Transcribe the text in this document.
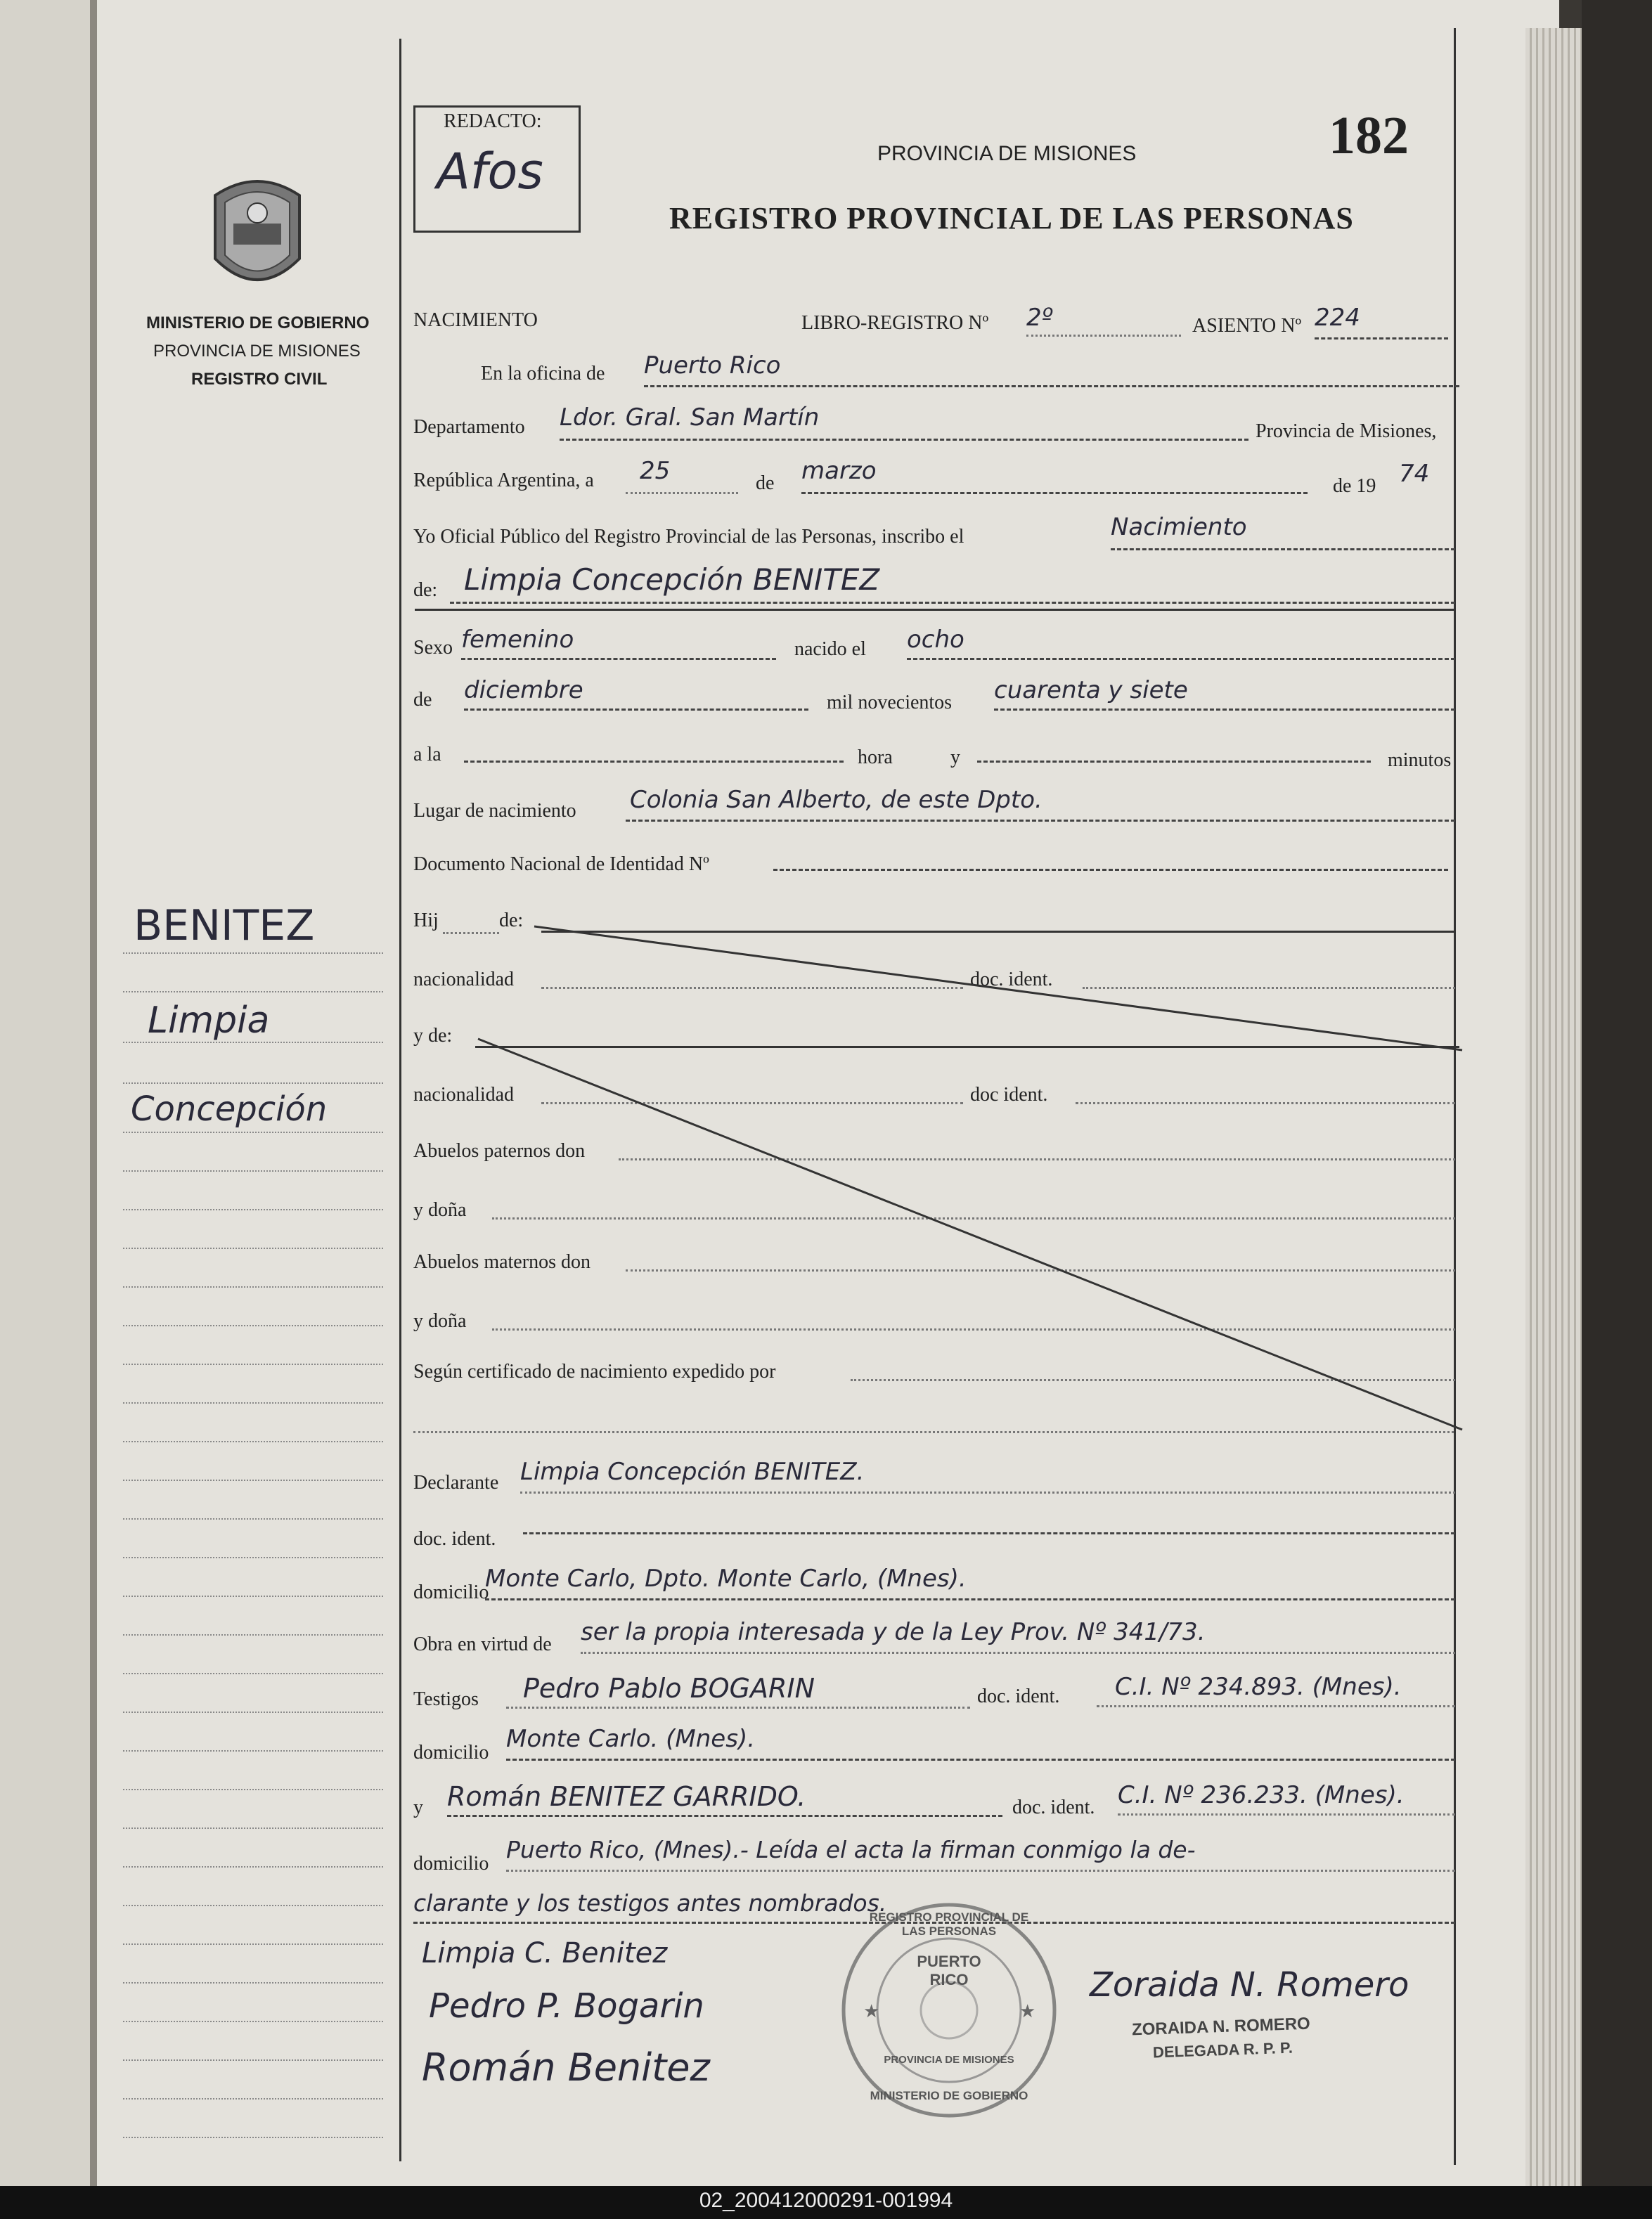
182
REDACTO:
Afos	PROVINCIA DE MISIONES
REGISTRO PROVINCIAL DE LAS PERSONAS
MINISTERIO DE GOBIERNO
PROVINCIA DE MISIONES
REGISTRO CIVIL
BENITEZ
Limpia
Concepción
NACIMIENTO	LIBRO-REGISTRO Nº 2º	ASIENTO Nº 224
En la oficina de Puerto Rico
Departamento Ldor. Gral. San Martín	Provincia de Misiones,
República Argentina, a 25	de marzo
de 19 74
Yo Oficial Público del Registro Provincial de las Personas, inscribo el	Nacimiento
de: Limpia Concepción BENITEZ
Sexo femenino	nacido el ocho
de diciembre	mil novecientos cuarenta y siete
a la	hora	y	minutos
Lugar de nacimiento Colonia San Alberto, de este Dpto.
Documento Nacional de Identidad Nº
Hij	de:
nacionalidad	doc. ident.
y de:
nacionalidad	doc ident.
Abuelos paternos don
y doña
Abuelos maternos don
y doña
Según certificado de nacimiento expedido por
Declarante Limpia Concepción BENITEZ.
doc. ident.
domicilio
Monte Carlo, Dpto. Monte Carlo, (Mnes).
Obra en virtud de ser la propia interesada y de la Ley Prov. Nº 341/73.
Testigos Pedro Pablo BOGARIN	doc. ident. C.I. Nº 234.893. (Mnes).
domicilio Monte Carlo. (Mnes).
y Román BENITEZ GARRIDO.	doc. ident. C.I. Nº 236.233. (Mnes).
domicilio
Puerto Rico, (Mnes).- Leída el acta la firman conmigo la de-
clarante y los testigos antes nombrados.
Limpia C. Benitez
Pedro P. Bogarin
Román Benitez
Zoraida N. Romero
ZORAIDA N. ROMERO
DELEGADA R. P. P.
★	★
REGISTRO PROVINCIAL DE LAS PERSONAS
PUERTO RICO
PROVINCIA DE MISIONES
MINISTERIO DE GOBIERNO
02_200412000291-001994
